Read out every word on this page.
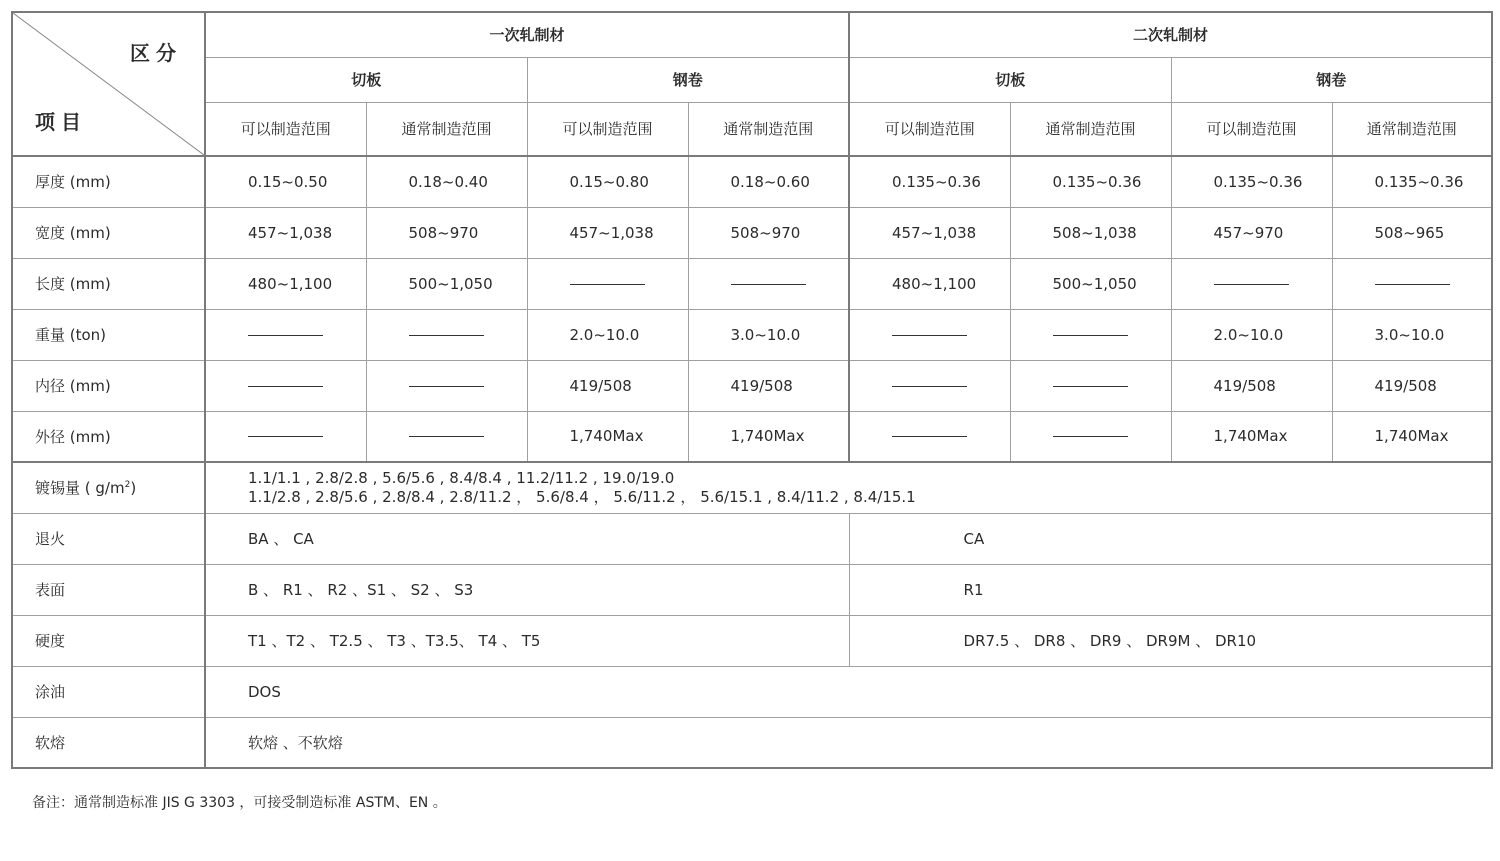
区分
项目	一次轧制材				二次轧制材			
	切板		钢卷		切板		钢卷	
	可以制造范围	通常制造范围	可以制造范围	通常制造范围	可以制造范围	通常制造范围	可以制造范围	通常制造范围
厚度 (mm)	0.15~0.50	0.18~0.40	0.15~0.80	0.18~0.60	0.135~0.36	0.135~0.36	0.135~0.36	0.135~0.36
宽度 (mm)	457~1,038	508~970	457~1,038	508~970	457~1,038	508~1,038	457~970	508~965
长度 (mm)	480~1,100	500~1,050			480~1,100	500~1,050		
重量 (ton)			2.0~10.0	3.0~10.0			2.0~10.0	3.0~10.0
内径 (mm)			419/508	419/508			419/508	419/508
外径 (mm)			1,740Max	1,740Max			1,740Max	1,740Max
镀锡量 ( $g/m^2$)	1.1/1.1 , 2.8/2.8 , 5.6/5.6 , 8.4/8.4 , 11.2/11.2 , 19.0/19.0
1.1/2.8 , 2.8/5.6 , 2.8/8.4 , 2.8/11.2 ， 5.6/8.4 ， 5.6/11.2 ， 5.6/15.1 , 8.4/11.2 , 8.4/15.1							

退火	BA 、 CA				CA			
表面	B 、 R1 、 R2 、S1 、 S2 、 S3				R1			
硬度	T1 、T2 、 T2.5 、 T3 、T3.5、 T4 、 T5				DR7.5 、 DR8 、 DR9 、 DR9M 、 DR10			
涂油	DOS							
软熔	软熔 、不软熔							
备注：通常制造标准 JIS G 3303 ，可接受制造标准 ASTM、EN 。
